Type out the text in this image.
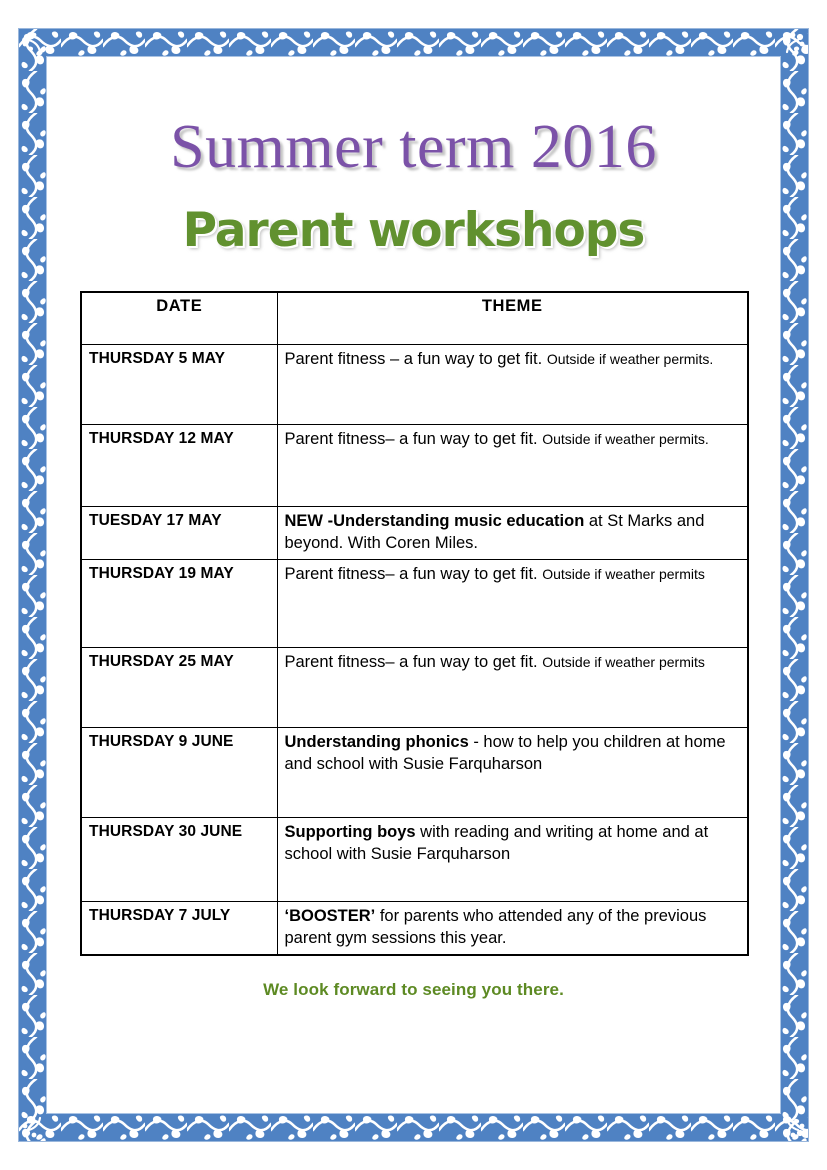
Summer term 2016
Parent workshops
DATE	THEME
THURSDAY 5 MAY	Parent fitness – a fun way to get fit. Outside if weather permits.
THURSDAY 12 MAY	Parent fitness– a fun way to get fit. Outside if weather permits.
TUESDAY 17 MAY	NEW -Understanding music education at St Marks and beyond. With Coren Miles.
THURSDAY 19 MAY	Parent fitness– a fun way to get fit. Outside if weather permits
THURSDAY 25 MAY	Parent fitness– a fun way to get fit. Outside if weather permits
THURSDAY 9 JUNE	Understanding phonics - how to help you children at home and school with Susie Farquharson
THURSDAY 30 JUNE	Supporting boys with reading and writing at home and at school with Susie Farquharson
THURSDAY 7 JULY	‘BOOSTER’ for parents who attended any of the previous parent gym sessions this year.

We look forward to seeing you there.
